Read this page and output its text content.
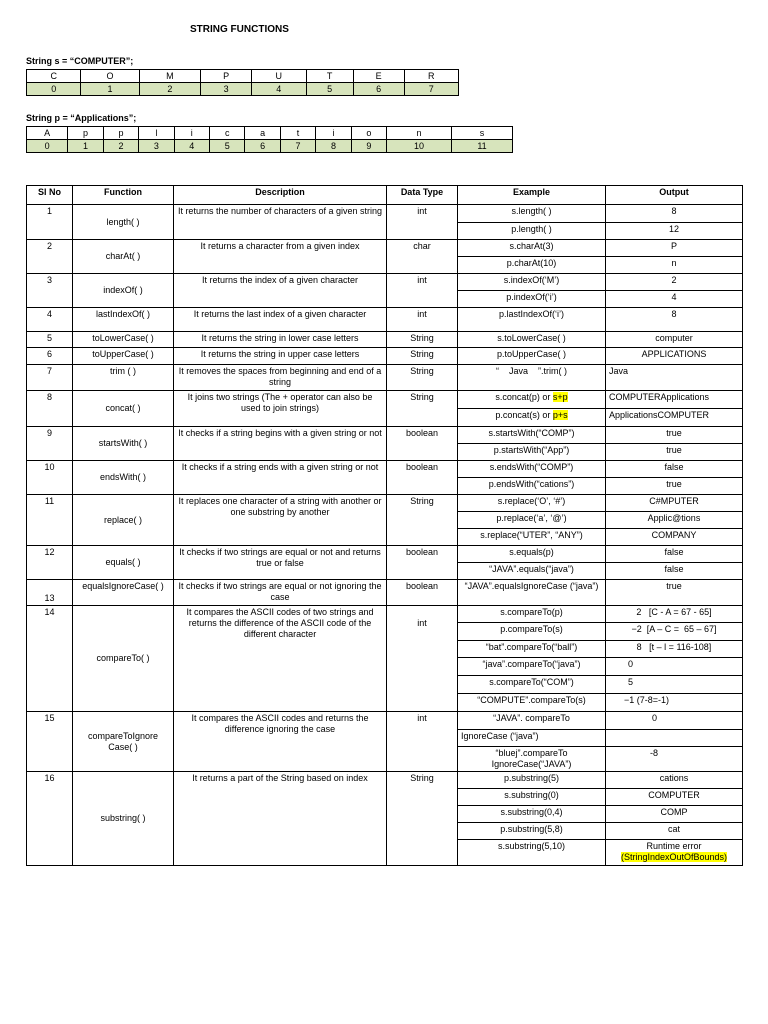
STRING FUNCTIONS
String s = “COMPUTER”;
C	O	M	P	U	T	E	R
0	1	2	3	4	5	6	7
String p = “Applications”;
A	p	p	l	i	c	a	t	i	o	n	s
0	1	2	3	4	5	6	7	8	9	10	11
Sl No	Function	Description	Data Type	Example	Output
1	length( )	It returns the number of characters of a given string	int	s.length( )	8
				p.length( )	12
2	charAt( )	It returns a character from a given index	char	s.charAt(3)	P
				p.charAt(10)	n
3	indexOf( )	It returns the index of a given character	int	s.indexOf(‘M’)	2
				p.indexOf(‘i’)	4
4	lastIndexOf( )	It returns the last index of a given character	int	p.lastIndexOf(‘i’)	8
5	toLowerCase( )	It returns the string in lower case letters	String	s.toLowerCase( )	computer
6	toUpperCase( )	It returns the string in upper case letters	String	p.toUpperCase( )	APPLICATIONS
7	trim ( )	It removes the spaces from beginning and end of a string	String	“    Java    ”.trim( )	Java
8	concat( )	It joins two strings (The + operator can also be used to join strings)	String	s.concat(p) or s+p	COMPUTERApplications
				p.concat(s) or p+s	ApplicationsCOMPUTER
9	startsWith( )	It checks if a string begins with a given string or not	boolean	s.startsWith(“COMP”)	true
				p.startsWith(“App”)	true
10	endsWith( )	It checks if a string ends with a given string or not	boolean	s.endsWith(“COMP”)	false
				p.endsWith(“cations”)	true
11	replace( )	It replaces one character of a string with another or one substring by another	String	s.replace(‘O’, ‘#’)	C#MPUTER
				p.replace(‘a’, ‘@’)	Applic@tions
				s.replace(“UTER”, “ANY”)	COMPANY
12	equals( )	It checks if two strings are equal or not and returns true or false	boolean	s.equals(p)	false
				“JAVA”.equals(“java”)	false
13	equalsIgnoreCase( )	It checks if two strings are equal or not ignoring the case	boolean	“JAVA”.equalsIgnoreCase (“java”)	true
14	compareTo( )	It compares the ASCII codes of two strings and returns the difference of the ASCII code of the different character	int	s.compareTo(p)	2   [C - A = 67 - 65]
				p.compareTo(s)	−2  [A – C =  65 – 67]
				“bat”.compareTo(“ball”)	8   [t – l = 116-108]
				“java”.compareTo(“java”)	0
				s.compareTo(“COM”)	5
				“COMPUTE”.compareTo(s)	−1 (7-8=-1)
15	compareToIgnore Case( )	It compares the ASCII codes and returns the difference ignoring the case	int	“JAVA”. compareTo	0
				IgnoreCase (“java”)	
				“bluej”.compareTo IgnoreCase(“JAVA”)	-8
16	substring( )	It returns a part of the String based on index	String	p.substring(5)	cations
				s.substring(0)	COMPUTER
				s.substring(0,4)	COMP
				p.substring(5,8)	cat
				s.substring(5,10)	Runtime error
(StringIndexOutOfBounds)
